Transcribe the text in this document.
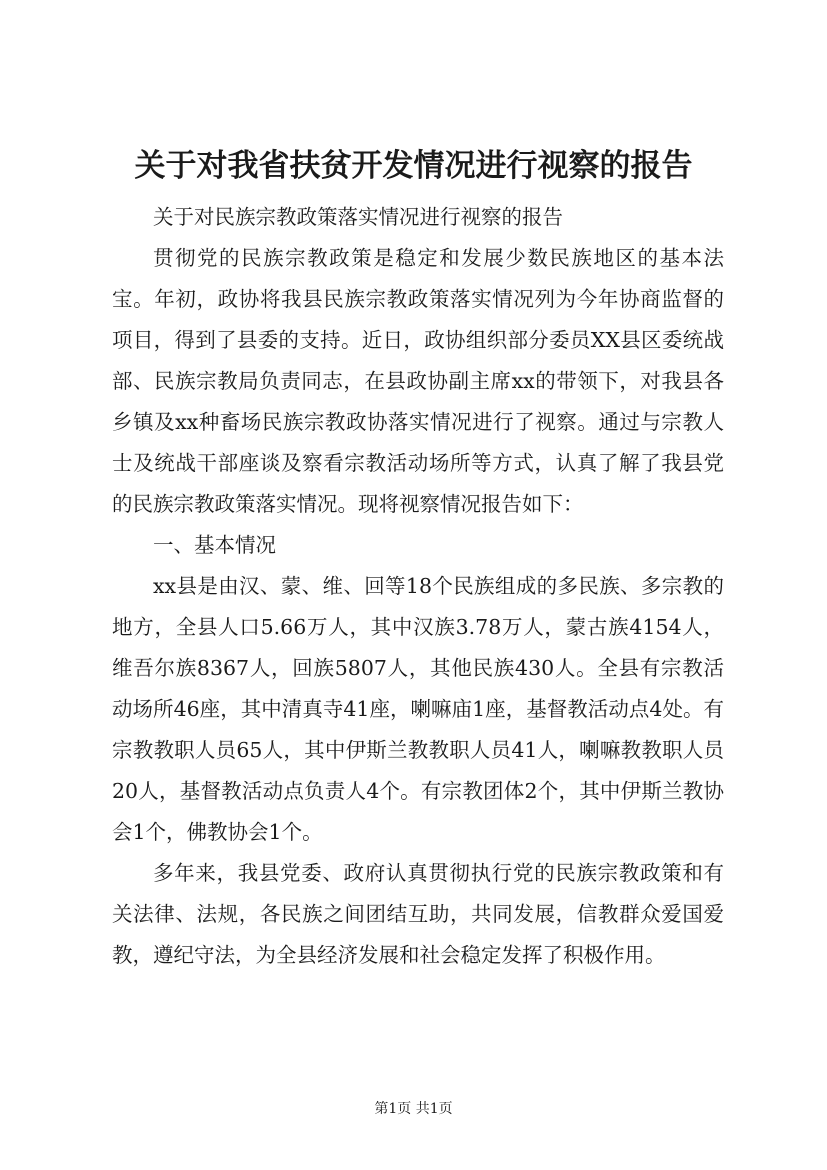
关于对我省扶贫开发情况进行视察的报告

关于对民族宗教政策落实情况进行视察的报告

贯彻党的民族宗教政策是稳定和发展少数民族地区的基本法宝。年初，政协将我县民族宗教政策落实情况列为今年协商监督的项目，得到了县委的支持。近日，政协组织部分委员XX县区委统战部、民族宗教局负责同志，在县政协副主席xx的带领下，对我县各乡镇及xx种畜场民族宗教政协落实情况进行了视察。通过与宗教人士及统战干部座谈及察看宗教活动场所等方式，认真了解了我县党的民族宗教政策落实情况。现将视察情况报告如下：

一、基本情况

xx县是由汉、蒙、维、回等18个民族组成的多民族、多宗教的地方，全县人口5.66万人，其中汉族3.78万人，蒙古族4154人，维吾尔族8367人，回族5807人，其他民族430人。全县有宗教活动场所46座，其中清真寺41座，喇嘛庙1座，基督教活动点4处。有宗教教职人员65人，其中伊斯兰教教职人员41人，喇嘛教教职人员20人，基督教活动点负责人4个。有宗教团体2个，其中伊斯兰教协会1个，佛教协会1个。

多年来，我县党委、政府认真贯彻执行党的民族宗教政策和有关法律、法规，各民族之间团结互助，共同发展，信教群众爱国爱教，遵纪守法，为全县经济发展和社会稳定发挥了积极作用。

第1页 共1页
